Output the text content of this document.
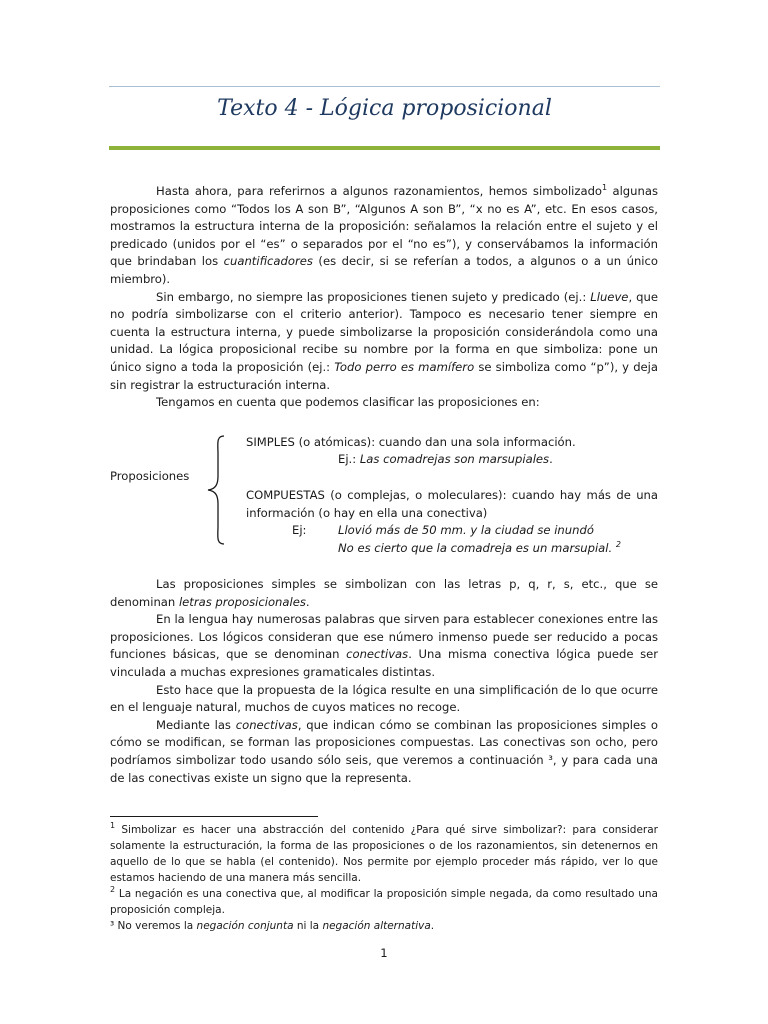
Texto 4 - Lógica proposicional

Hasta ahora, para referirnos a algunos razonamientos, hemos simbolizado$^1$ algunas proposiciones como “Todos los A son B”, “Algunos A son B”, “x no es A”, etc. En esos casos, mostramos la estructura interna de la proposición: señalamos la relación entre el sujeto y el predicado (unidos por el “es” o separados por el “no es”), y conservábamos la información que brindaban los cuantificadores (es decir, si se referían a todos, a algunos o a un único miembro).

Sin embargo, no siempre las proposiciones tienen sujeto y predicado (ej.: Llueve, que no podría simbolizarse con el criterio anterior). Tampoco es necesario tener siempre en cuenta la estructura interna, y puede simbolizarse la proposición considerándola como una unidad. La lógica proposicional recibe su nombre por la forma en que simboliza: pone un único signo a toda la proposición (ej.: Todo perro es mamífero se simboliza como “p”), y deja sin registrar la estructuración interna.

Tengamos en cuenta que podemos clasificar las proposiciones en:

Proposiciones
SIMPLES (o atómicas): cuando dan una sola información.
Ej.: Las comadrejas son marsupiales.
COMPUESTAS (o complejas, o moleculares): cuando hay más de una información (o hay en ella una conectiva)
Ej:	Llovió más de 50 mm. y la ciudad se inundó
No es cierto que la comadreja es un marsupial. $^2$

Las proposiciones simples se simbolizan con las letras p, q, r, s, etc., que se denominan letras proposicionales.

En la lengua hay numerosas palabras que sirven para establecer conexiones entre las proposiciones. Los lógicos consideran que ese número inmenso puede ser reducido a pocas funciones básicas, que se denominan conectivas. Una misma conectiva lógica puede ser vinculada a muchas expresiones gramaticales distintas.

Esto hace que la propuesta de la lógica resulte en una simplificación de lo que ocurre en el lenguaje natural, muchos de cuyos matices no recoge.

Mediante las conectivas, que indican cómo se combinan las proposiciones simples o cómo se modifican, se forman las proposiciones compuestas. Las conectivas son ocho, pero podríamos simbolizar todo usando sólo seis, que veremos a continuación ³, y para cada una de las conectivas existe un signo que la representa.

$^1$ Simbolizar es hacer una abstracción del contenido ¿Para qué sirve simbolizar?: para considerar solamente la estructuración, la forma de las proposiciones o de los razonamientos, sin detenernos en aquello de lo que se habla (el contenido). Nos permite por ejemplo proceder más rápido, ver lo que estamos haciendo de una manera más sencilla.

$^2$ La negación es una conectiva que, al modificar la proposición simple negada, da como resultado una proposición compleja.

³ No veremos la negación conjunta ni la negación alternativa.

1
